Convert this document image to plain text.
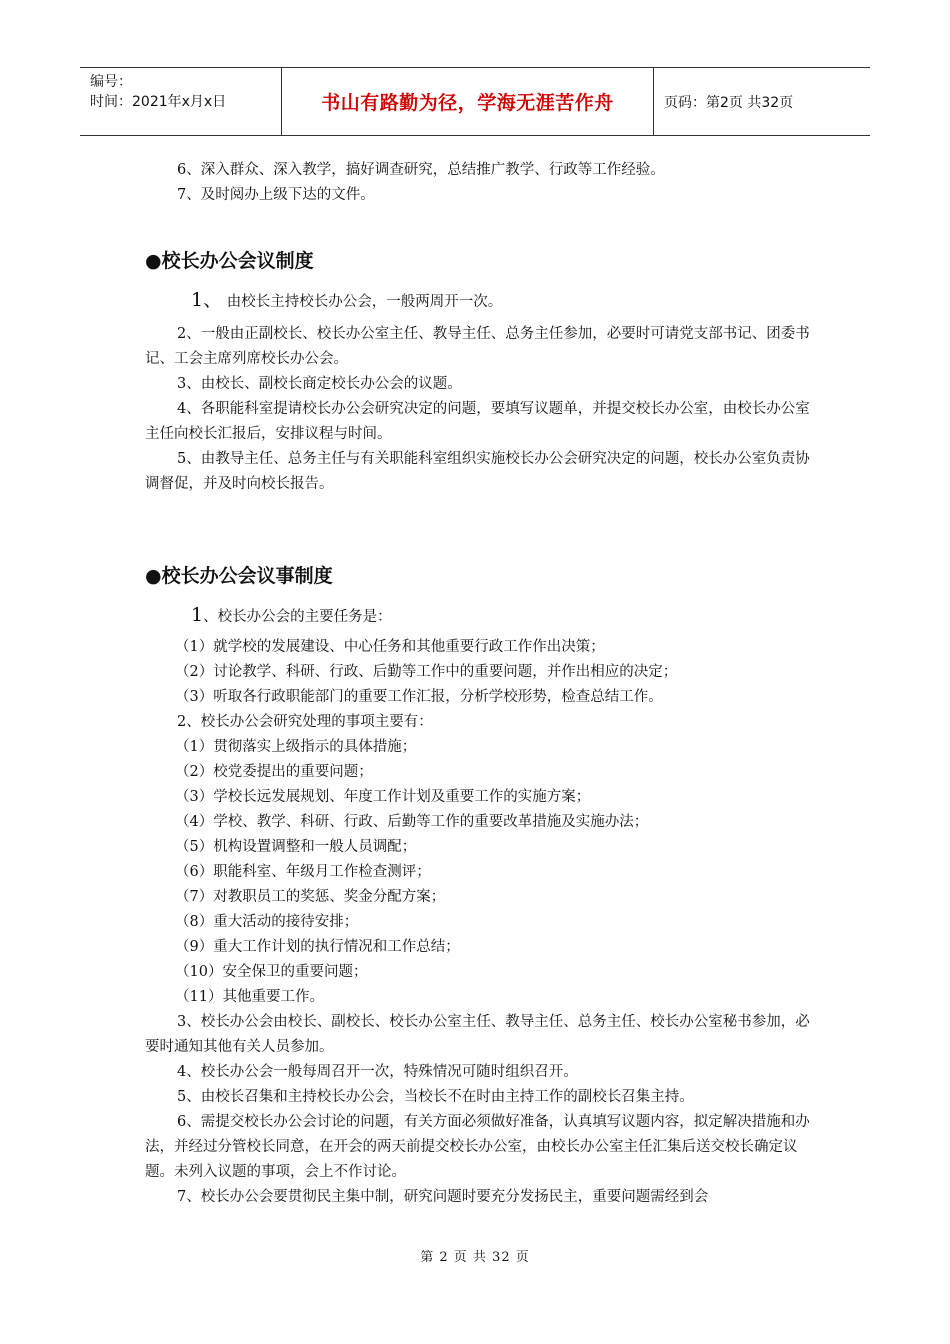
编号：
时间：2021年x月x日	书山有路勤为径，学海无涯苦作舟	页码：第2页 共32页

6、深入群众、深入教学，搞好调查研究，总结推广教学、行政等工作经验。

7、及时阅办上级下达的文件。

●校长办公会议制度

1、 由校长主持校长办公会，一般两周开一次。

2、一般由正副校长、校长办公室主任、教导主任、总务主任参加，必要时可请党支部书记、团委书记、工会主席列席校长办公会。

3、由校长、副校长商定校长办公会的议题。

4、各职能科室提请校长办公会研究决定的问题，要填写议题单，并提交校长办公室，由校长办公室主任向校长汇报后，安排议程与时间。

5、由教导主任、总务主任与有关职能科室组织实施校长办公会研究决定的问题，校长办公室负责协调督促，并及时向校长报告。

●校长办公会议事制度

1、校长办公会的主要任务是：

（1）就学校的发展建设、中心任务和其他重要行政工作作出决策；

（2）讨论教学、科研、行政、后勤等工作中的重要问题，并作出相应的决定；

（3）听取各行政职能部门的重要工作汇报，分析学校形势，检查总结工作。

2、校长办公会研究处理的事项主要有：

（1）贯彻落实上级指示的具体措施；

（2）校党委提出的重要问题；

（3）学校长远发展规划、年度工作计划及重要工作的实施方案；

（4）学校、教学、科研、行政、后勤等工作的重要改革措施及实施办法；

（5）机构设置调整和一般人员调配；

（6）职能科室、年级月工作检查测评；

（7）对教职员工的奖惩、奖金分配方案；

（8）重大活动的接待安排；

（9）重大工作计划的执行情况和工作总结；

（10）安全保卫的重要问题；

（11）其他重要工作。

3、校长办公会由校长、副校长、校长办公室主任、教导主任、总务主任、校长办公室秘书参加，必要时通知其他有关人员参加。

4、校长办公会一般每周召开一次，特殊情况可随时组织召开。

5、由校长召集和主持校长办公会，当校长不在时由主持工作的副校长召集主持。

6、需提交校长办公会讨论的问题，有关方面必须做好准备，认真填写议题内容，拟定解决措施和办法，并经过分管校长同意，在开会的两天前提交校长办公室，由校长办公室主任汇集后送交校长确定议题。未列入议题的事项，会上不作讨论。

7、校长办公会要贯彻民主集中制，研究问题时要充分发扬民主，重要问题需经到会

第 2 页 共 32 页
